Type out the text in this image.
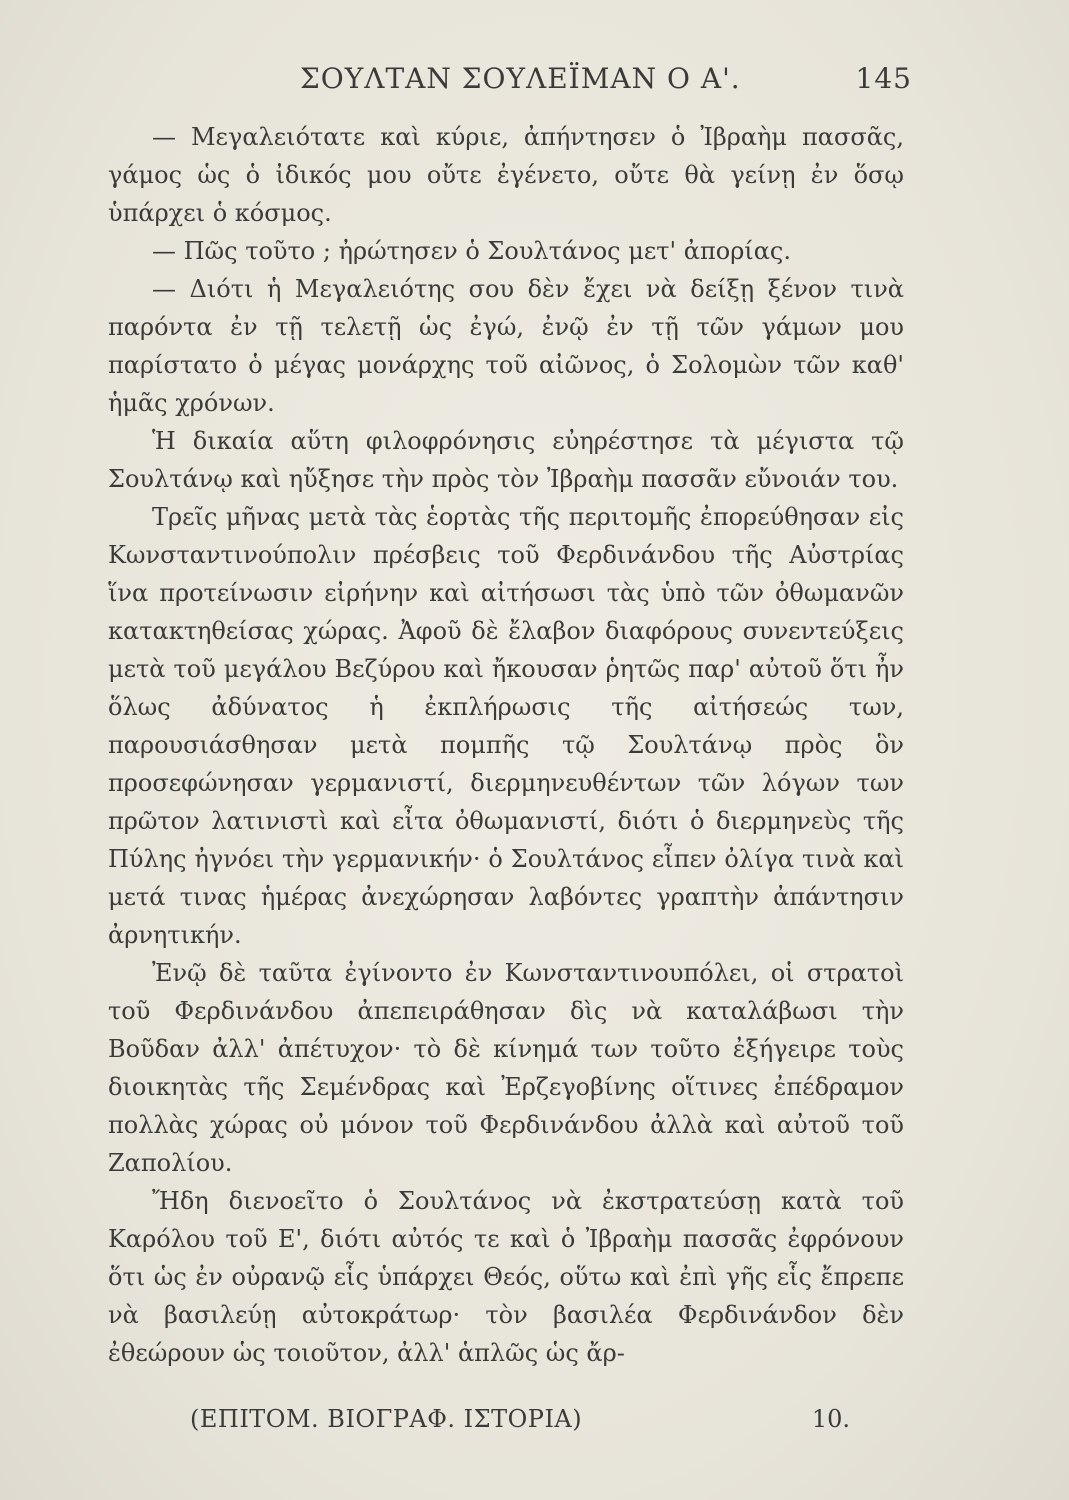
ΣΟΥΛΤΑΝ ΣΟΥΛΕΪΜΑΝ Ο Α'.	145

— Μεγαλειότατε καὶ κύριε, ἀπήντησεν ὁ Ἰβραὴμ πασσᾶς, γάμος ὡς ὁ ἰδικός μου οὔτε ἐγένετο, οὔτε θὰ γείνῃ ἐν ὅσῳ ὑπάρχει ὁ κόσμος.

— Πῶς τοῦτο ; ἠρώτησεν ὁ Σουλτάνος μετ' ἀπορίας.

— Διότι ἡ Μεγαλειότης σου δὲν ἔχει νὰ δείξῃ ξένον τινὰ παρόντα ἐν τῇ τελετῇ ὡς ἐγώ, ἐνῷ ἐν τῇ τῶν γάμων μου παρίστατο ὁ μέγας μονάρχης τοῦ αἰῶνος, ὁ Σολομὼν τῶν καθ' ἡμᾶς χρόνων.

Ἡ δικαία αὕτη φιλοφρόνησις εὐηρέστησε τὰ μέγιστα τῷ Σουλτάνῳ καὶ ηὔξησε τὴν πρὸς τὸν Ἰβραὴμ πασσᾶν εὔνοιάν του.

Τρεῖς μῆνας μετὰ τὰς ἑορτὰς τῆς περιτομῆς ἐπορεύθησαν εἰς Κωνσταντινούπολιν πρέσβεις τοῦ Φερδινάνδου τῆς Αὐστρίας ἵνα προτείνωσιν εἰρήνην καὶ αἰτήσωσι τὰς ὑπὸ τῶν ὀθωμανῶν κατακτηθείσας χώρας. Ἀφοῦ δὲ ἔλαβον διαφόρους συνεντεύξεις μετὰ τοῦ μεγάλου Βεζύρου καὶ ἤκουσαν ῥητῶς παρ' αὐτοῦ ὅτι ἦν ὅλως ἀδύνατος ἡ ἐκπλήρωσις τῆς αἰτήσεώς των, παρουσιάσθησαν μετὰ πομπῆς τῷ Σουλτάνῳ πρὸς ὃν προσεφώνησαν γερμανιστί, διερμηνευθέντων τῶν λόγων των πρῶτον λατινιστὶ καὶ εἶτα ὀθωμανιστί, διότι ὁ διερμηνεὺς τῆς Πύλης ἠγνόει τὴν γερμανικήν· ὁ Σουλτάνος εἶπεν ὀλίγα τινὰ καὶ μετά τινας ἡμέρας ἀνεχώρησαν λαβόντες γραπτὴν ἀπάντησιν ἀρνητικήν.

Ἐνῷ δὲ ταῦτα ἐγίνοντο ἐν Κωνσταντινουπόλει, οἱ στρατοὶ τοῦ Φερδινάνδου ἀπεπειράθησαν δὶς νὰ καταλάβωσι τὴν Βοῦδαν ἀλλ' ἀπέτυχον· τὸ δὲ κίνημά των τοῦτο ἐξήγειρε τοὺς διοικητὰς τῆς Σεμένδρας καὶ Ἐρζεγοβίνης οἵτινες ἐπέδραμον πολλὰς χώρας οὐ μόνον τοῦ Φερδινάνδου ἀλλὰ καὶ αὐτοῦ τοῦ Ζαπολίου.

Ἤδη διενοεῖτο ὁ Σουλτάνος νὰ ἐκστρατεύσῃ κατὰ τοῦ Καρόλου τοῦ Ε', διότι αὐτός τε καὶ ὁ Ἰβραὴμ πασσᾶς ἐφρόνουν ὅτι ὡς ἐν οὐρανῷ εἷς ὑπάρχει Θεός, οὕτω καὶ ἐπὶ γῆς εἷς ἔπρεπε νὰ βασιλεύῃ αὐτοκράτωρ· τὸν βασιλέα Φερδινάνδον δὲν ἐθεώρουν ὡς τοιοῦτον, ἀλλ' ἁπλῶς ὡς ἄρ-

(ΕΠΙΤΟΜ. ΒΙΟΓΡΑΦ. ΙΣΤΟΡΙΑ)	10.
